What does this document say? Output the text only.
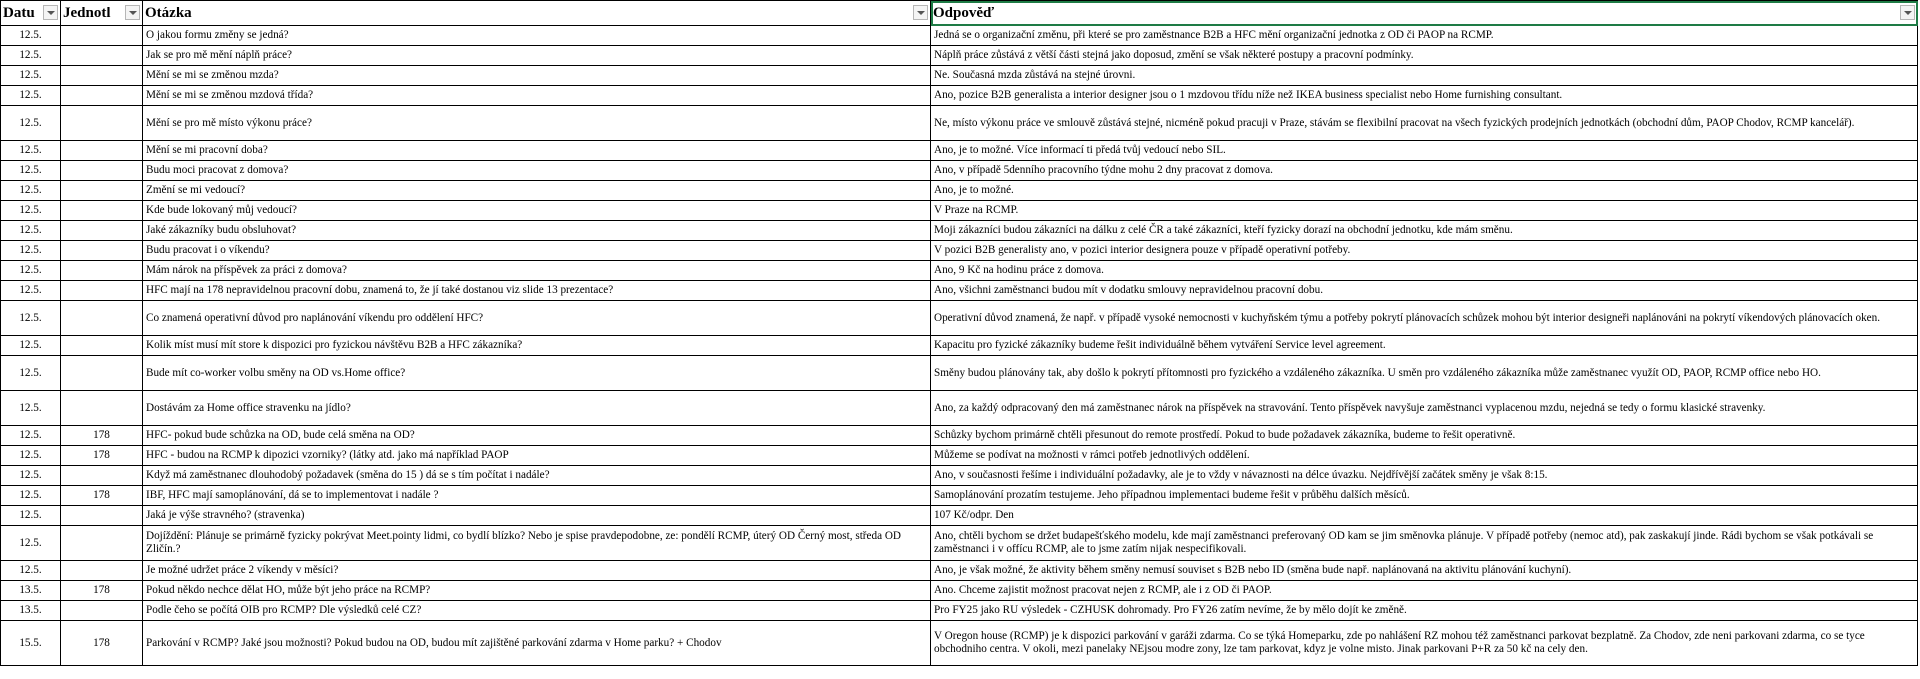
Datu	Jednotl	Otázka	Odpověď

12.5.		O jakou formu změny se jedná?	Jedná se o organizační změnu, při které se pro zaměstnance B2B a HFC mění organizační jednotka z OD či PAOP na RCMP.
12.5.		Jak se pro mě mění náplň práce?	Náplň práce zůstává z větší části stejná jako doposud, změní se však některé postupy a pracovní podmínky.
12.5.		Mění se mi se změnou mzda?	Ne. Současná mzda zůstává na stejné úrovni.
12.5.		Mění se mi se změnou mzdová třída?	Ano, pozice B2B generalista a interior designer jsou o 1 mzdovou třídu níže než IKEA business specialist nebo Home furnishing consultant.
12.5.		Mění se pro mě místo výkonu práce?	Ne, místo výkonu práce ve smlouvě zůstává stejné, nicméně pokud pracuji v Praze, stávám se flexibilní pracovat na všech fyzických prodejních jednotkách (obchodní dům, PAOP Chodov, RCMP kancelář).
12.5.		Mění se mi pracovní doba?	Ano, je to možné. Více informací ti předá tvůj vedoucí nebo SIL.
12.5.		Budu moci pracovat z domova?	Ano, v případě 5denního pracovního týdne mohu 2 dny pracovat z domova.
12.5.		Změní se mi vedoucí?	Ano, je to možné.
12.5.		Kde bude lokovaný můj vedoucí?	V Praze na RCMP.
12.5.		Jaké zákazníky budu obsluhovat?	Moji zákazníci budou zákazníci na dálku z celé ČR a také zákazníci, kteří fyzicky dorazí na obchodní jednotku, kde mám směnu.
12.5.		Budu pracovat i o víkendu?	V pozici B2B generalisty ano, v pozici interior designera pouze v případě operativní potřeby.
12.5.		Mám nárok na příspěvek za práci z domova?	Ano, 9 Kč na hodinu práce z domova.
12.5.		HFC mají na 178 nepravidelnou pracovní dobu, znamená to, že jí také dostanou viz slide 13 prezentace?	Ano, všichni zaměstnanci budou mít v dodatku smlouvy nepravidelnou pracovní dobu.
12.5.		Co znamená operativní důvod pro naplánování víkendu pro oddělení HFC?	Operativní důvod znamená, že např. v případě vysoké nemocnosti v kuchyňském týmu a potřeby pokrytí plánovacích schůzek mohou být interior designeři naplánováni na pokrytí víkendových plánovacích oken.
12.5.		Kolik míst musí mít store k dispozici pro fyzickou návštěvu B2B a HFC zákazníka?	Kapacitu pro fyzické zákazníky budeme řešit individuálně během vytváření Service level agreement.
12.5.		Bude mít co-worker volbu směny na OD vs.Home office?	Směny budou plánovány tak, aby došlo k pokrytí přítomnosti pro fyzického a vzdáleného zákazníka. U směn pro vzdáleného zákazníka může zaměstnanec využít OD, PAOP, RCMP office nebo HO.
12.5.		Dostávám za Home office stravenku na jídlo?	Ano, za každý odpracovaný den má zaměstnanec nárok na příspěvek na stravování. Tento příspěvek navyšuje zaměstnanci vyplacenou mzdu, nejedná se tedy o formu klasické stravenky.
12.5.	178	HFC- pokud bude schůzka na OD, bude celá směna na OD?	Schůzky bychom primárně chtěli přesunout do remote prostředí. Pokud to bude požadavek zákazníka, budeme to řešit operativně.
12.5.	178	HFC - budou na RCMP k dipozici vzorniky? (látky atd. jako má například PAOP	Můžeme se podívat na možnosti v rámci potřeb jednotlivých oddělení.
12.5.		Když má zaměstnanec dlouhodobý požadavek (směna do 15 ) dá se s tím počítat i nadále?	Ano, v současnosti řešíme i individuální požadavky, ale je to vždy v návaznosti na délce úvazku. Nejdřívější začátek směny je však 8:15.
12.5.	178	IBF, HFC mají samoplánování, dá se to implementovat i nadále ?	Samoplánování prozatím testujeme. Jeho případnou implementaci budeme řešit v průběhu dalších měsíců.
12.5.		Jaká je výše stravného? (stravenka)	107 Kč/odpr. Den
12.5.		Dojíždění: Plánuje se primárně fyzicky pokrývat Meet.pointy lidmi, co bydlí blízko? Nebo je spise pravdepodobne, ze: pondělí RCMP, úterý OD Černý most, středa OD Zličín.?	Ano, chtěli bychom se držet budapešťského modelu, kde mají zaměstnanci preferovaný OD kam se jim směnovka plánuje. V případě potřeby (nemoc atd), pak zaskakují jinde. Rádi bychom se však potkávali se zaměstnanci i v offícu RCMP, ale to jsme zatím nijak nespecifikovali.
12.5.		Je možné udržet práce 2 víkendy v měsíci?	Ano, je však možné, že aktivity během směny nemusí souviset s B2B nebo ID (směna bude např. naplánovaná na aktivitu plánování kuchyní).
13.5.	178	Pokud někdo nechce dělat HO, může být jeho práce na RCMP?	Ano. Chceme zajistit možnost pracovat nejen z RCMP, ale i z OD či PAOP.
13.5.		Podle čeho se počítá OIB pro RCMP? Dle výsledků celé CZ?	Pro FY25 jako RU výsledek - CZHUSK dohromady. Pro FY26 zatím nevíme, že by mělo dojít ke změně.
15.5.	178	Parkování v RCMP? Jaké jsou možnosti? Pokud budou na OD, budou mít zajištěné parkování zdarma v Home parku? + Chodov	V Oregon house (RCMP) je k dispozici parkování v garáži zdarma. Co se týká Homeparku, zde po nahlášení RZ mohou též zaměstnanci parkovat bezplatně. Za Chodov, zde neni parkovani zdarma, co se tyce obchodniho centra. V okoli, mezi panelaky NEjsou modre zony, lze tam parkovat, kdyz je volne misto. Jinak parkovani P+R za 50 kč na cely den.
